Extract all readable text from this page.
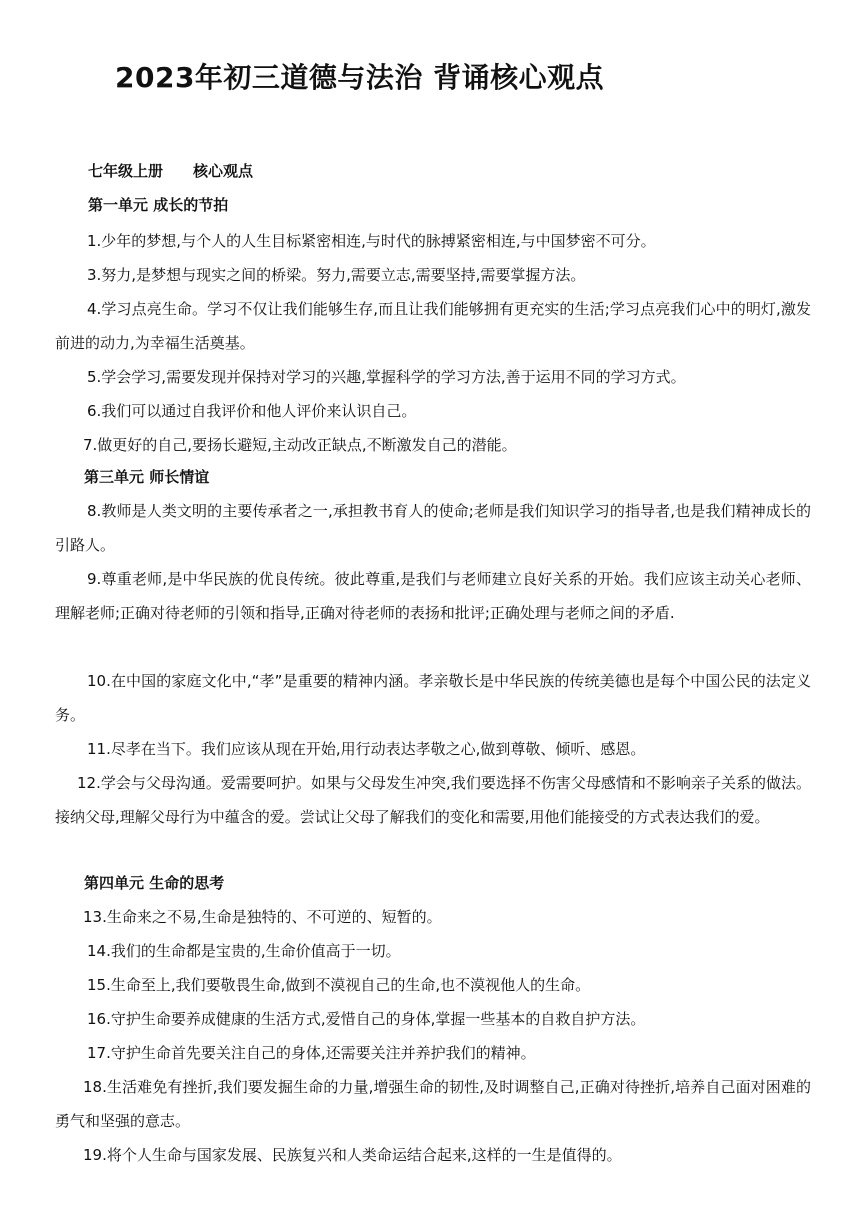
2023年初三道德与法治 背诵核心观点
七年级上册 核心观点
第一单元 成长的节拍

1.少年的梦想,与个人的人生目标紧密相连,与时代的脉搏紧密相连,与中国梦密不可分。

3.努力,是梦想与现实之间的桥梁。努力,需要立志,需要坚持,需要掌握方法。

4.学习点亮生命。学习不仅让我们能够生存,而且让我们能够拥有更充实的生活;学习点亮我们心中的明灯,激发前进的动力,为幸福生活奠基。

5.学会学习,需要发现并保持对学习的兴趣,掌握科学的学习方法,善于运用不同的学习方式。

6.我们可以通过自我评价和他人评价来认识自己。

7.做更好的自己,要扬长避短,主动改正缺点,不断激发自己的潜能。

第三单元 师长情谊

8.教师是人类文明的主要传承者之一,承担教书育人的使命;老师是我们知识学习的指导者,也是我们精神成长的引路人。

9.尊重老师,是中华民族的优良传统。彼此尊重,是我们与老师建立良好关系的开始。我们应该主动关心老师、理解老师;正确对待老师的引领和指导,正确对待老师的表扬和批评;正确处理与老师之间的矛盾.

10.在中国的家庭文化中,“孝”是重要的精神内涵。孝亲敬长是中华民族的传统美德也是每个中国公民的法定义务。

11.尽孝在当下。我们应该从现在开始,用行动表达孝敬之心,做到尊敬、倾听、感恩。

12.学会与父母沟通。爱需要呵护。如果与父母发生冲突,我们要选择不伤害父母感情和不影响亲子关系的做法。接纳父母,理解父母行为中蕴含的爱。尝试让父母了解我们的变化和需要,用他们能接受的方式表达我们的爱。

第四单元 生命的思考

13.生命来之不易,生命是独特的、不可逆的、短暂的。

14.我们的生命都是宝贵的,生命价值高于一切。

15.生命至上,我们要敬畏生命,做到不漠视自己的生命,也不漠视他人的生命。

16.守护生命要养成健康的生活方式,爱惜自己的身体,掌握一些基本的自救自护方法。

17.守护生命首先要关注自己的身体,还需要关注并养护我们的精神。

18.生活难免有挫折,我们要发掘生命的力量,增强生命的韧性,及时调整自己,正确对待挫折,培养自己面对困难的勇气和坚强的意志。

19.将个人生命与国家发展、民族复兴和人类命运结合起来,这样的一生是值得的。
